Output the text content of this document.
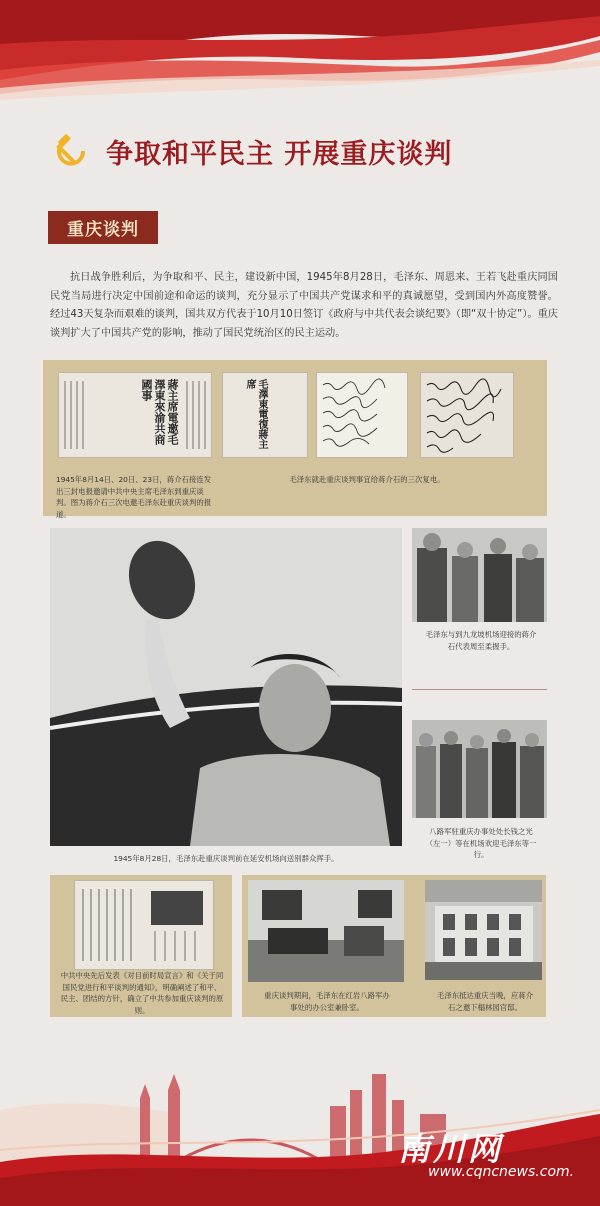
争取和平民主 开展重庆谈判
重庆谈判
抗日战争胜利后，为争取和平、民主，建设新中国，1945年8月28日，毛泽东、周恩来、王若飞赴重庆同国民党当局进行决定中国前途和命运的谈判，充分显示了中国共产党谋求和平的真诚愿望，受到国内外高度赞誉。经过43天复杂而艰难的谈判，国共双方代表于10月10日签订《政府与中共代表会谈纪要》（即“双十协定”）。重庆谈判扩大了中国共产党的影响，推动了国民党统治区的民主运动。
蔣主席電邀毛澤東來渝共商國事
1945年8月14日、20日、23日，蒋介石接连发出三封电报邀请中共中央主席毛泽东到重庆谈判。图为蒋介石三次电邀毛泽东赴重庆谈判的报道。
毛澤東電復蔣主席
毛泽东就赴重庆谈判事宜给蒋介石的三次复电。
1945年8月28日，毛泽东赴重庆谈判前在延安机场向送别群众挥手。
毛泽东与到九龙坡机场迎接的蒋介石代表周至柔握手。
八路军驻重庆办事处处长钱之光（左一）等在机场欢迎毛泽东等一行。
中共中央先后发表《对目前时局宣言》和《关于同国民党进行和平谈判的通知》，明确阐述了和平、民主、团结的方针，确立了中共参加重庆谈判的原则。
重庆谈判期间，毛泽东在红岩八路军办事处的办公室兼卧室。
毛泽东抵达重庆当晚，应蒋介石之邀下榻林园官邸。
南川网
www.cqncnews.com.
